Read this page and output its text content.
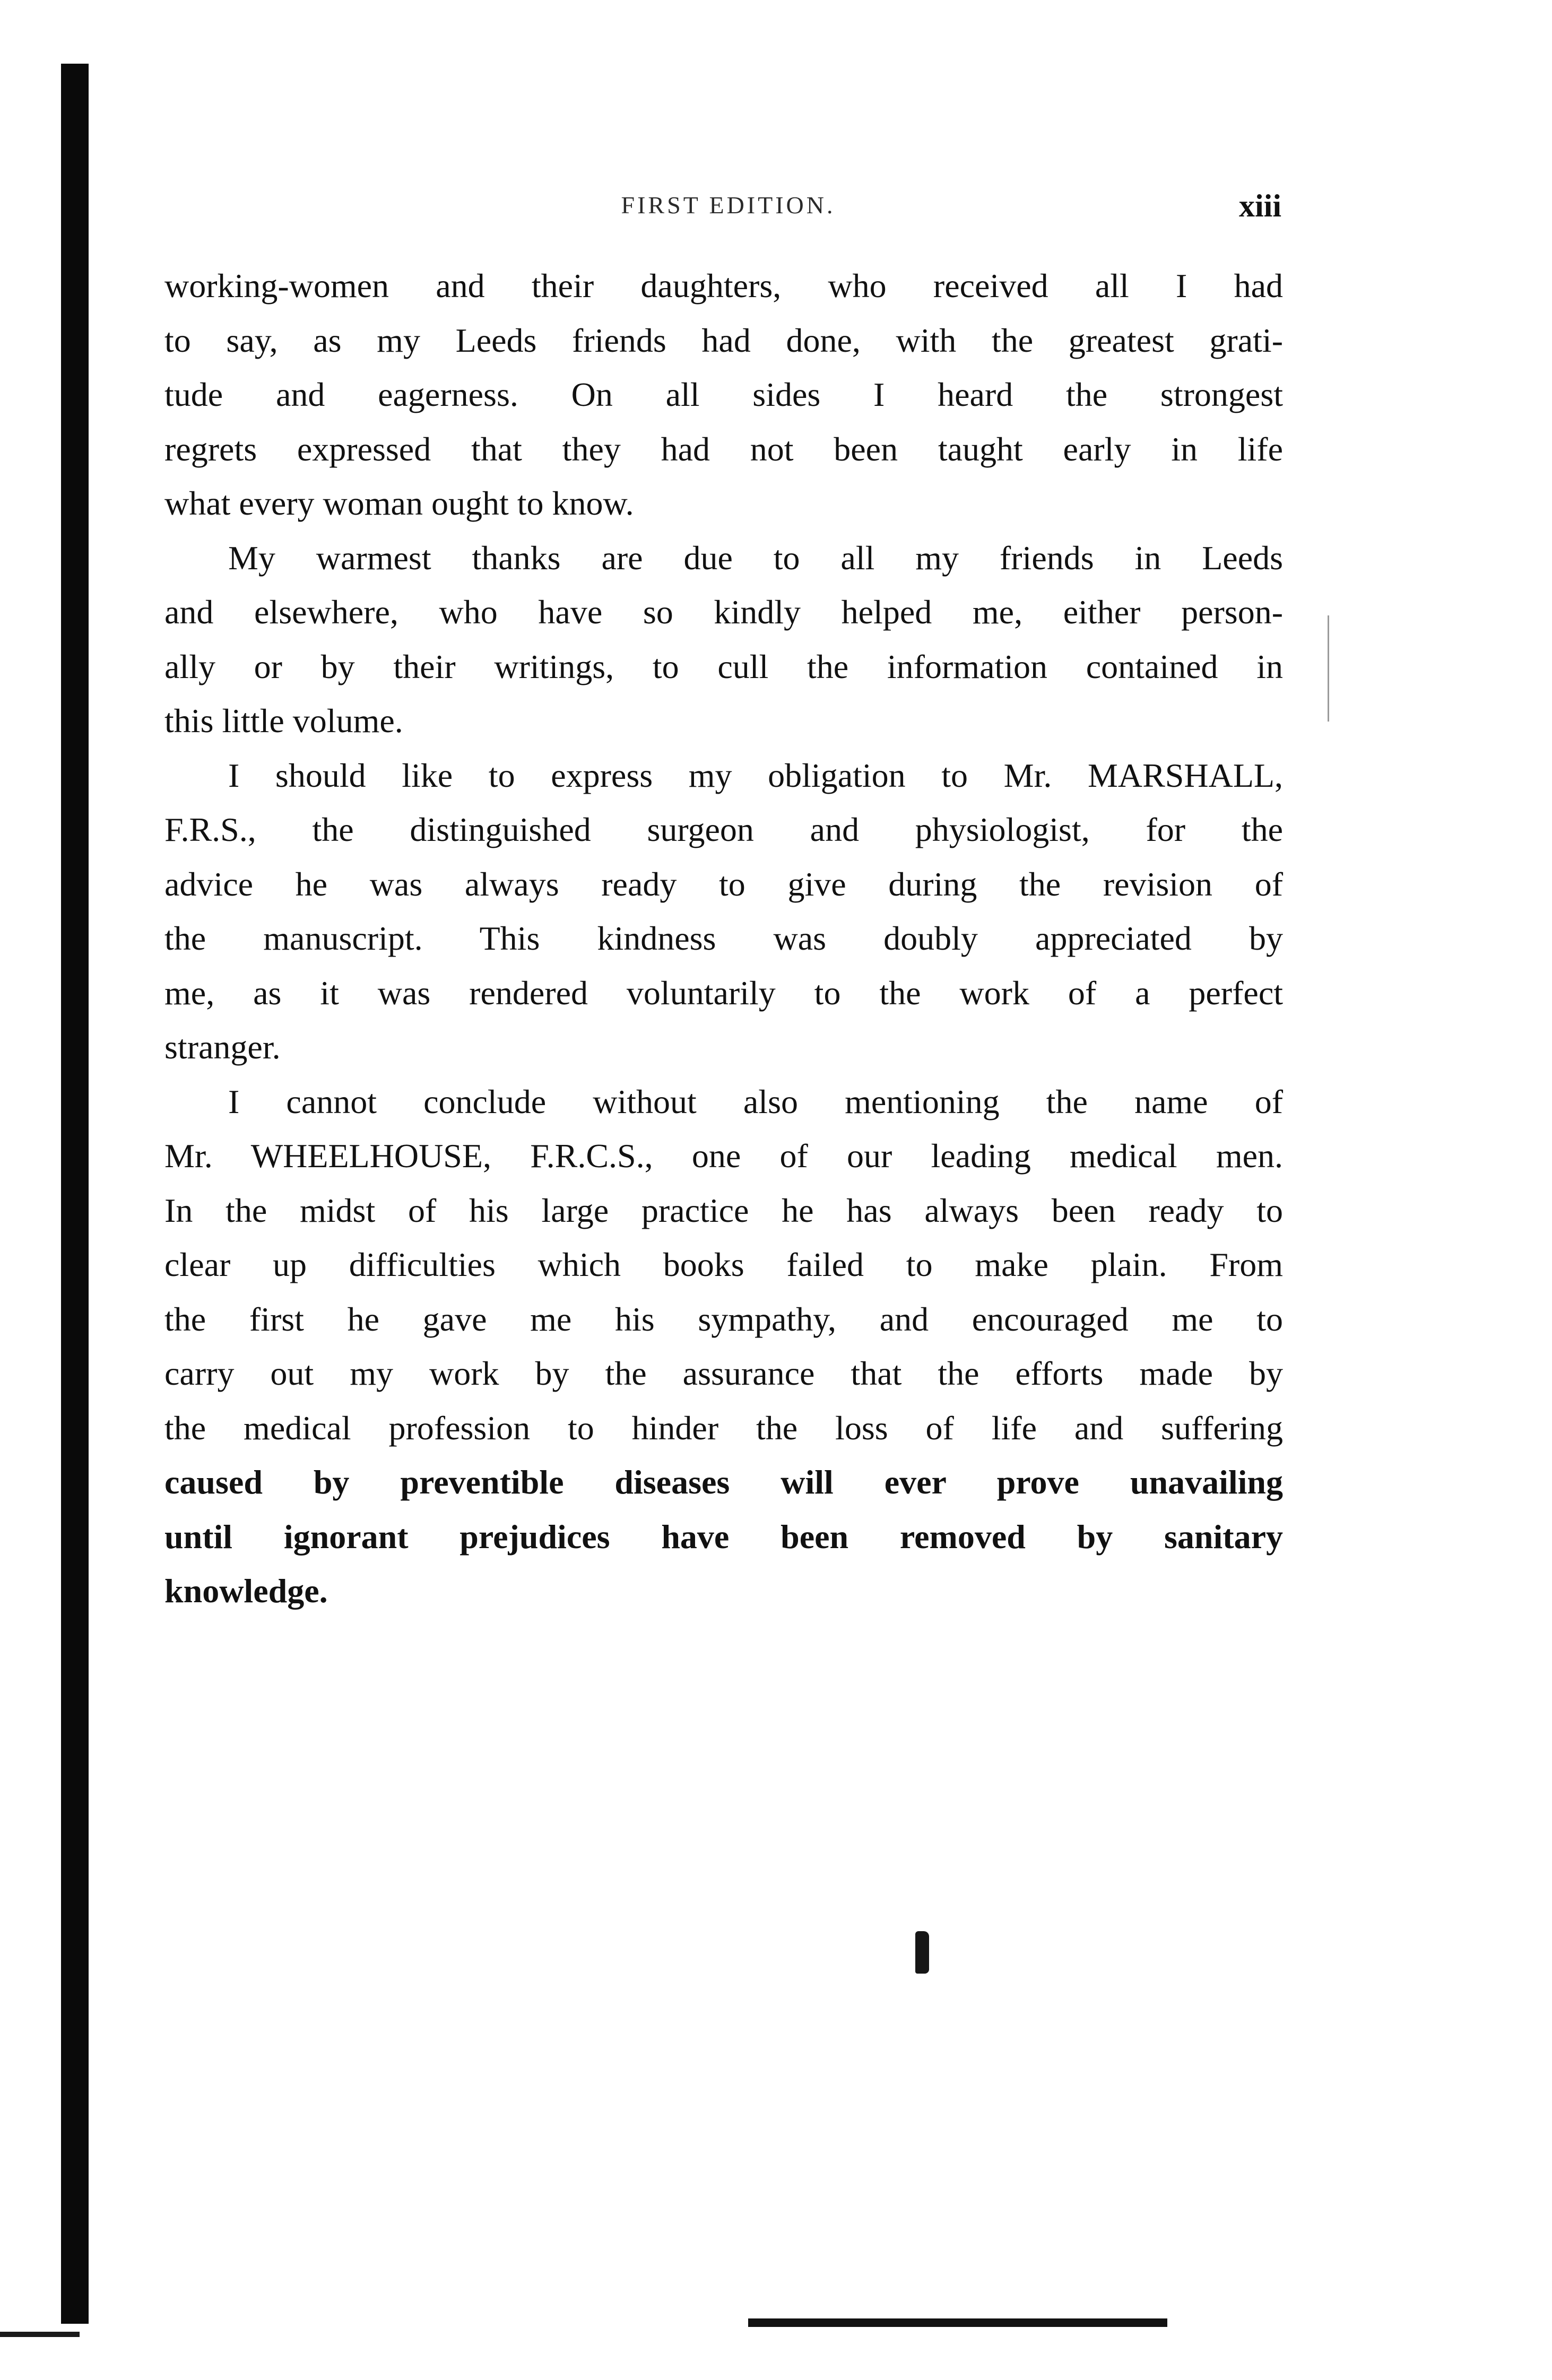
FIRST EDITION.	xiii
working-women and their daughters, who received all I had
to say, as my Leeds friends had done, with the greatest grati-
tude and eagerness. On all sides I heard the strongest
regrets expressed that they had not been taught early in life
what every woman ought to know.
My warmest thanks are due to all my friends in Leeds
and elsewhere, who have so kindly helped me, either person-
ally or by their writings, to cull the information contained in
this little volume.
I should like to express my obligation to Mr. MARSHALL,
F.R.S., the distinguished surgeon and physiologist, for the
advice he was always ready to give during the revision of
the manuscript. This kindness was doubly appreciated by
me, as it was rendered voluntarily to the work of a perfect
stranger.
I cannot conclude without also mentioning the name of
Mr. WHEELHOUSE, F.R.C.S., one of our leading medical men.
In the midst of his large practice he has always been ready to
clear up difficulties which books failed to make plain. From
the first he gave me his sympathy, and encouraged me to
carry out my work by the assurance that the efforts made by
the medical profession to hinder the loss of life and suffering
caused by preventible diseases will ever prove unavailing
until ignorant prejudices have been removed by sanitary
knowledge.
